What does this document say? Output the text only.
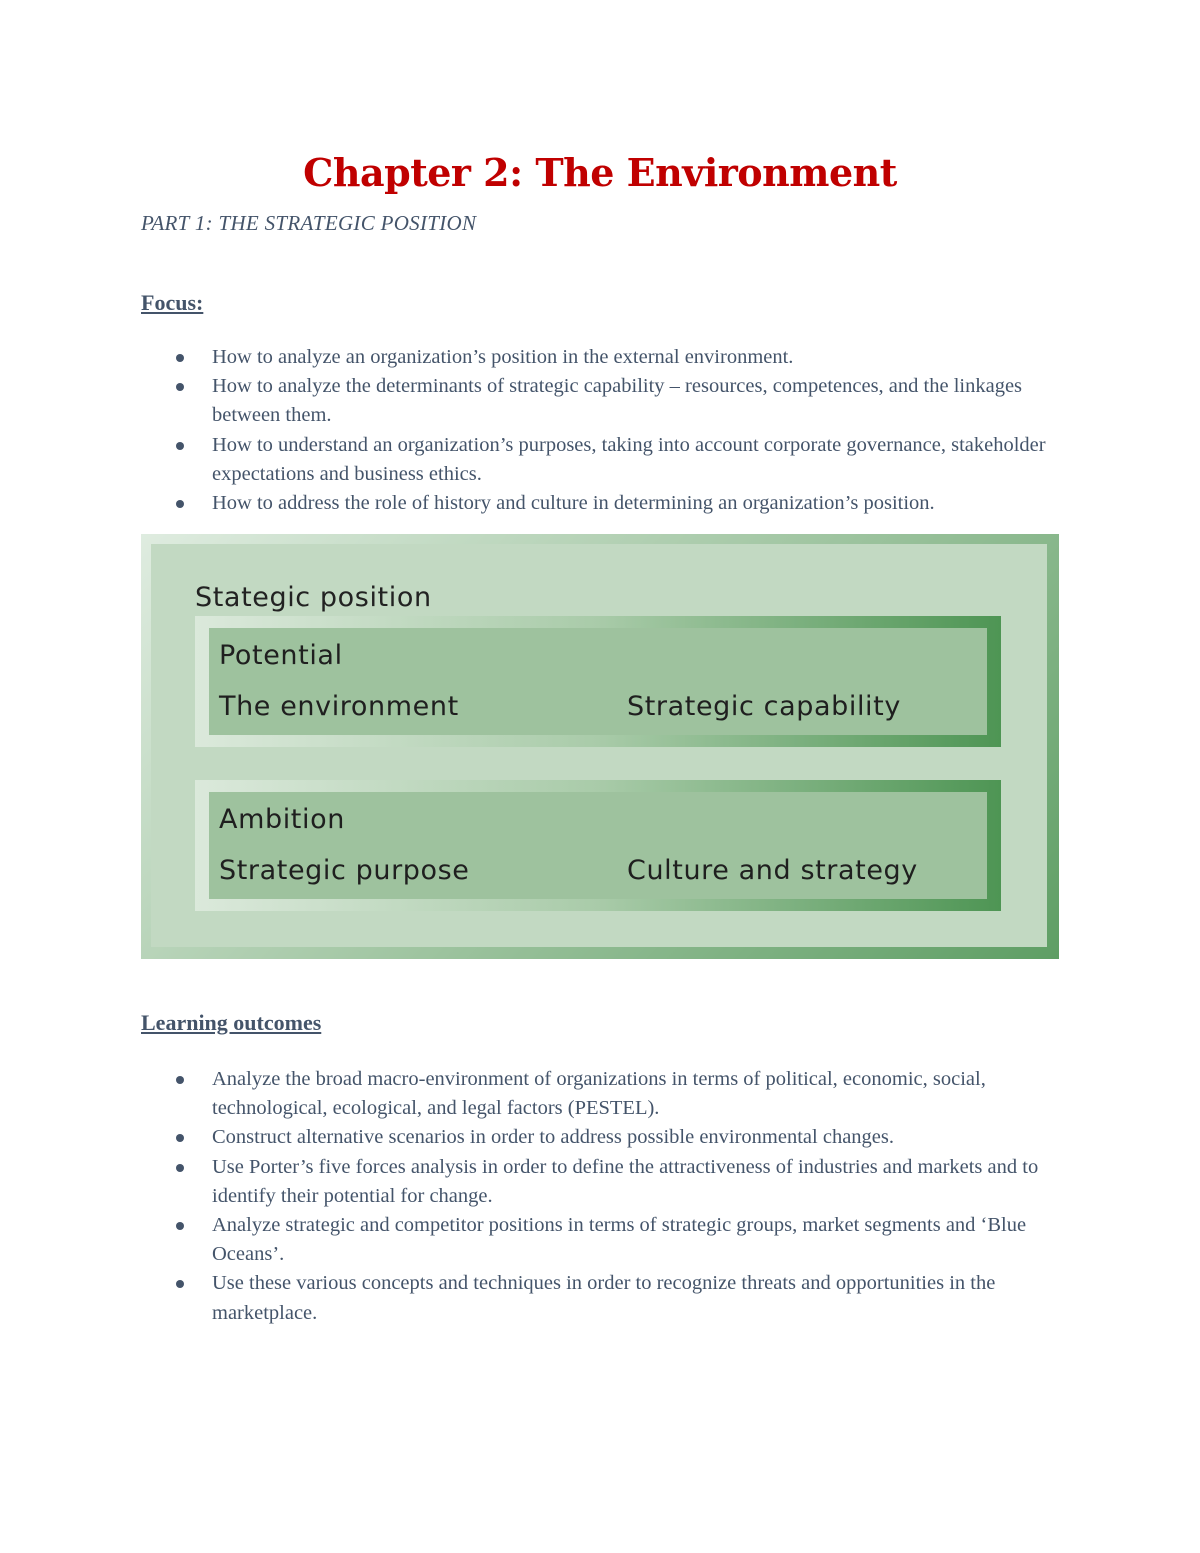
Chapter 2: The Environment
PART 1: THE STRATEGIC POSITION
Focus:
How to analyze an organization’s position in the external environment.
How to analyze the determinants of strategic capability – resources, competences, and the linkages between them.
How to understand an organization’s purposes, taking into account corporate governance, stakeholder expectations and business ethics.
How to address the role of history and culture in determining an organization’s position.
Stategic position
Potential
The environment	Strategic capability
Ambition
Strategic purpose	Culture and strategy
Learning outcomes
Analyze the broad macro-environment of organizations in terms of political, economic, social, technological, ecological, and legal factors (PESTEL).
Construct alternative scenarios in order to address possible environmental changes.
Use Porter’s five forces analysis in order to define the attractiveness of industries and markets and to identify their potential for change.
Analyze strategic and competitor positions in terms of strategic groups, market segments and ‘Blue Oceans’.
Use these various concepts and techniques in order to recognize threats and opportunities in the marketplace.
